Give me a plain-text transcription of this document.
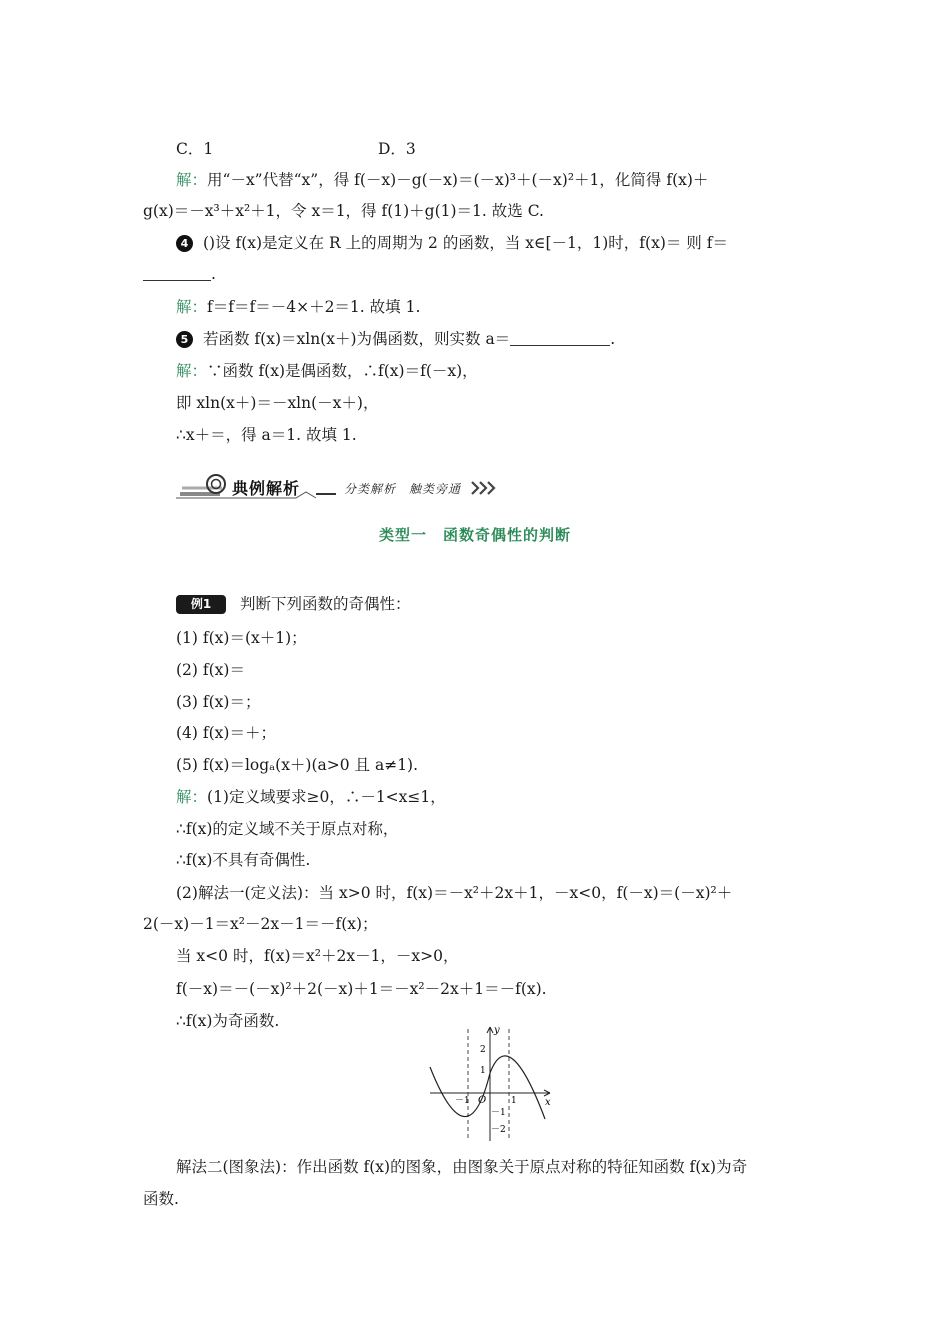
C．1	D．3
解：用“－x”代替“x”，得 f(－x)－g(－x)＝(－x)³＋(－x)²＋1，化简得 f(x)＋
g(x)＝－x³＋x²＋1，令 x＝1，得 f(1)＋g(1)＝1. 故选 C.
4 ()设 f(x)是定义在 R 上的周期为 2 的函数，当 x∈[－1，1)时，f(x)＝ 则 f＝
.
解：f＝f＝f＝－4×＋2＝1. 故填 1.
5 若函数 f(x)＝xln(x＋)为偶函数，则实数 a＝	.
解：∵函数 f(x)是偶函数，∴f(x)＝f(－x)，
即 xln(x＋)＝－xln(－x＋)，
∴x＋＝，得 a＝1. 故填 1.
典例解析	分类解析　触类旁通
类型一　函数奇偶性的判断
例1 判断下列函数的奇偶性：
(1) f(x)＝(x＋1)；
(2) f(x)＝
(3) f(x)＝；
(4) f(x)＝＋；
(5) f(x)＝logₐ(x＋)(a>0 且 a≠1).
解：(1)定义域要求≥0，∴－1<x≤1，
∴f(x)的定义域不关于原点对称，
∴f(x)不具有奇偶性.
(2)解法一(定义法)：当 x>0 时，f(x)＝－x²＋2x＋1，－x<0，f(－x)＝(－x)²＋
2(－x)－1＝x²－2x－1＝－f(x)；
当 x<0 时，f(x)＝x²＋2x－1，－x>0，
f(－x)＝－(－x)²＋2(－x)＋1＝－x²－2x＋1＝－f(x).
∴f(x)为奇函数.
y
x
O
2
1
－1
－2
－1	1
解法二(图象法)：作出函数 f(x)的图象，由图象关于原点对称的特征知函数 f(x)为奇
函数.
